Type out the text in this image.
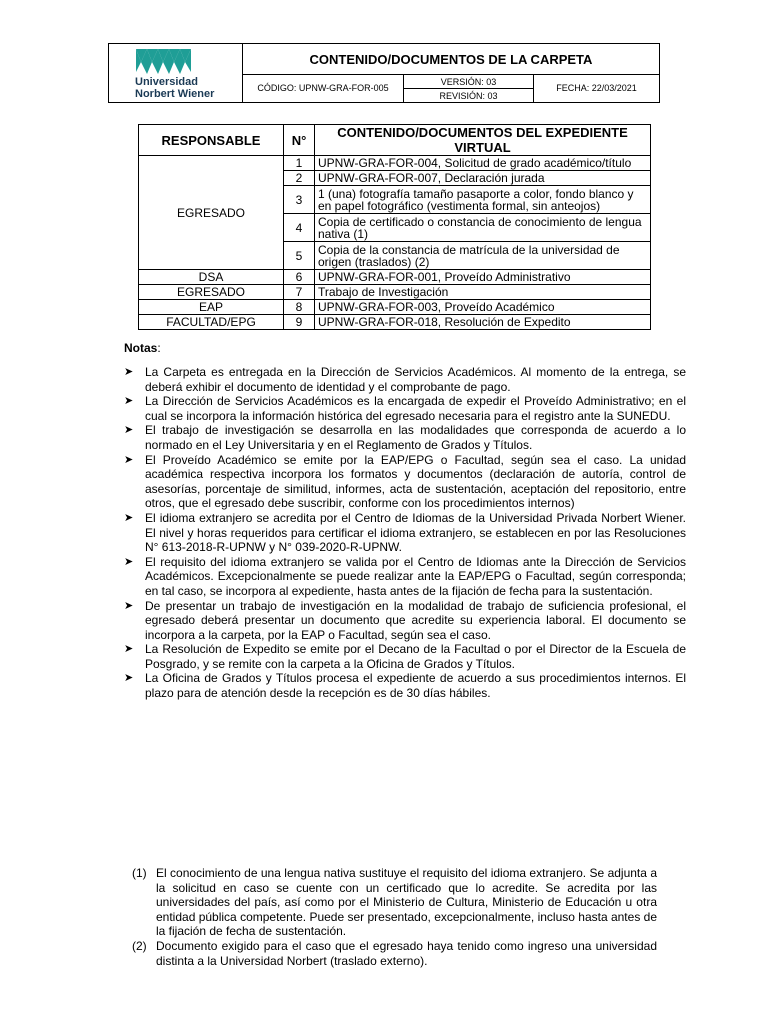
Universidad
Norbert Wiener
CONTENIDO/DOCUMENTOS DE LA CARPETA
CÓDIGO: UPNW-GRA-FOR-005
VERSIÓN: 03
REVISIÓN: 03
FECHA: 22/03/2021
RESPONSABLE	N°	CONTENIDO/DOCUMENTOS DEL EXPEDIENTE VIRTUAL
EGRESADO	1	UPNW-GRA-FOR-004, Solicitud de grado académico/título
	2	UPNW-GRA-FOR-007, Declaración jurada
	3	1 (una) fotografía tamaño pasaporte a color, fondo blanco y en papel fotográfico (vestimenta formal, sin anteojos)
	4	Copia de certificado o constancia de conocimiento de lengua nativa (1)
	5	Copia de la constancia de matrícula de la universidad de origen (traslados) (2)
DSA	6	UPNW-GRA-FOR-001, Proveído Administrativo
EGRESADO	7	Trabajo de Investigación
EAP	8	UPNW-GRA-FOR-003, Proveído Académico
FACULTAD/EPG	9	UPNW-GRA-FOR-018, Resolución de Expedito
Notas:
➤ La Carpeta es entregada en la Dirección de Servicios Académicos. Al momento de la entrega, se deberá exhibir el documento de identidad y el comprobante de pago.
➤ La Dirección de Servicios Académicos es la encargada de expedir el Proveído Administrativo; en el cual se incorpora la información histórica del egresado necesaria para el registro ante la SUNEDU.
➤ El trabajo de investigación se desarrolla en las modalidades que corresponda de acuerdo a lo normado en el Ley Universitaria y en el Reglamento de Grados y Títulos.
➤ El Proveído Académico se emite por la EAP/EPG o Facultad, según sea el caso. La unidad académica respectiva incorpora los formatos y documentos (declaración de autoría, control de asesorías, porcentaje de similitud, informes, acta de sustentación, aceptación del repositorio, entre otros, que el egresado debe suscribir, conforme con los procedimientos internos)
➤ El idioma extranjero se acredita por el Centro de Idiomas de la Universidad Privada Norbert Wiener. El nivel y horas requeridos para certificar el idioma extranjero, se establecen en por las Resoluciones N° 613-2018-R-UPNW y N° 039-2020-R-UPNW.
➤ El requisito del idioma extranjero se valida por el Centro de Idiomas ante la Dirección de Servicios Académicos. Excepcionalmente se puede realizar ante la EAP/EPG o Facultad, según corresponda; en tal caso, se incorpora al expediente, hasta antes de la fijación de fecha para la sustentación.
➤ De presentar un trabajo de investigación en la modalidad de trabajo de suficiencia profesional, el egresado deberá presentar un documento que acredite su experiencia laboral. El documento se incorpora a la carpeta, por la EAP o Facultad, según sea el caso.
➤ La Resolución de Expedito se emite por el Decano de la Facultad o por el Director de la Escuela de Posgrado, y se remite con la carpeta a la Oficina de Grados y Títulos.
➤ La Oficina de Grados y Títulos procesa el expediente de acuerdo a sus procedimientos internos. El plazo para de atención desde la recepción es de 30 días hábiles.
(1) El conocimiento de una lengua nativa sustituye el requisito del idioma extranjero. Se adjunta a la solicitud en caso se cuente con un certificado que lo acredite. Se acredita por las universidades del país, así como por el Ministerio de Cultura, Ministerio de Educación u otra entidad pública competente. Puede ser presentado, excepcionalmente, incluso hasta antes de la fijación de fecha de sustentación.
(2) Documento exigido para el caso que el egresado haya tenido como ingreso una universidad distinta a la Universidad Norbert (traslado externo).
